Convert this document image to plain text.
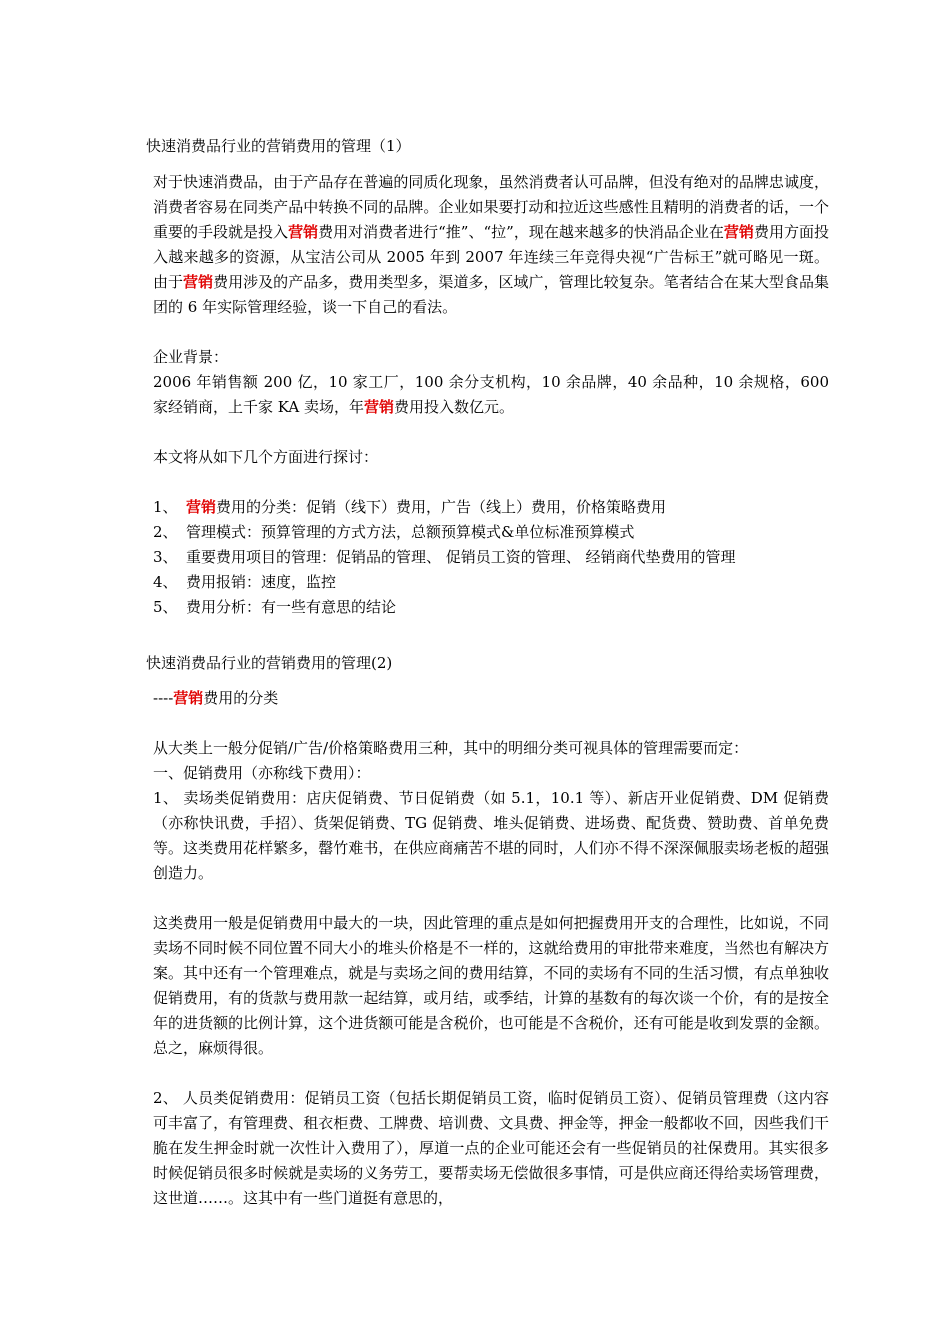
快速消费品行业的营销费用的管理（1）

对于快速消费品，由于产品存在普遍的同质化现象，虽然消费者认可品牌，但没有绝对的品牌忠诚度，消费者容易在同类产品中转换不同的品牌。企业如果要打动和拉近这些感性且精明的消费者的话，一个重要的手段就是投入营销费用对消费者进行“推”、“拉”，现在越来越多的快消品企业在营销费用方面投入越来越多的资源，从宝洁公司从 2005 年到 2007 年连续三年竞得央视“广告标王”就可略见一斑。由于营销费用涉及的产品多，费用类型多，渠道多，区域广，管理比较复杂。笔者结合在某大型食品集团的 6 年实际管理经验，谈一下自己的看法。

企业背景：

2006 年销售额 200 亿，10 家工厂，100 余分支机构，10 余品牌，40 余品种，10 余规格，600 家经销商，上千家 KA 卖场，年营销费用投入数亿元。

本文将从如下几个方面进行探讨：

1、 营销费用的分类：促销（线下）费用，广告（线上）费用，价格策略费用

2、 管理模式：预算管理的方式方法，总额预算模式&单位标准预算模式

3、 重要费用项目的管理：促销品的管理、 促销员工资的管理、 经销商代垫费用的管理

4、 费用报销：速度，监控

5、 费用分析：有一些有意思的结论

快速消费品行业的营销费用的管理(2)

----营销费用的分类

从大类上一般分促销/广告/价格策略费用三种，其中的明细分类可视具体的管理需要而定：

一、促销费用（亦称线下费用）：

1、 卖场类促销费用：店庆促销费、节日促销费（如 5.1，10.1 等）、新店开业促销费、DM 促销费（亦称快讯费，手招）、货架促销费、TG 促销费、堆头促销费、进场费、配货费、赞助费、首单免费等。这类费用花样繁多，罄竹难书，在供应商痛苦不堪的同时，人们亦不得不深深佩服卖场老板的超强创造力。

这类费用一般是促销费用中最大的一块，因此管理的重点是如何把握费用开支的合理性，比如说，不同卖场不同时候不同位置不同大小的堆头价格是不一样的，这就给费用的审批带来难度，当然也有解决方案。其中还有一个管理难点，就是与卖场之间的费用结算，不同的卖场有不同的生活习惯，有点单独收促销费用，有的货款与费用款一起结算，或月结，或季结，计算的基数有的每次谈一个价，有的是按全年的进货额的比例计算，这个进货额可能是含税价，也可能是不含税价，还有可能是收到发票的金额。总之，麻烦得很。

2、 人员类促销费用：促销员工资（包括长期促销员工资，临时促销员工资）、促销员管理费（这内容可丰富了，有管理费、租衣柜费、工牌费、培训费、文具费、押金等，押金一般都收不回，因些我们干脆在发生押金时就一次性计入费用了），厚道一点的企业可能还会有一些促销员的社保费用。其实很多时候促销员很多时候就是卖场的义务劳工，要帮卖场无偿做很多事情，可是供应商还得给卖场管理费，这世道……。这其中有一些门道挺有意思的，
